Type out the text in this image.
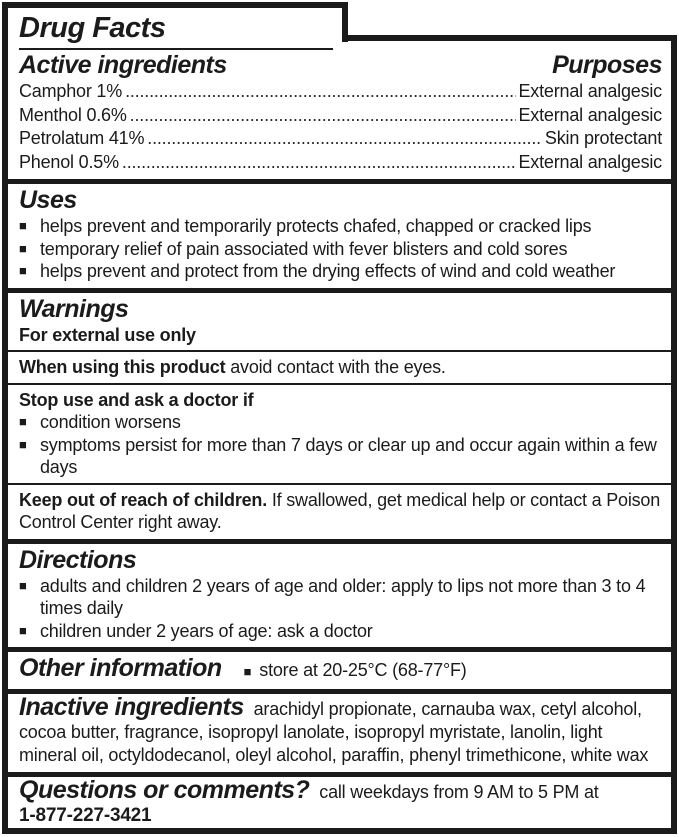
Drug Facts
Active ingredients	Purposes
Camphor 1% .....	External analgesic
Menthol 0.6% .....	External analgesic
Petrolatum 41% .....	Skin protectant
Phenol 0.5% .....	External analgesic
Uses
■ helps prevent and temporarily protects chafed, chapped or cracked lips
■ temporary relief of pain associated with fever blisters and cold sores
■ helps prevent and protect from the drying effects of wind and cold weather
Warnings
For external use only
When using this product avoid contact with the eyes.
Stop use and ask a doctor if
■ condition worsens
■ symptoms persist for more than 7 days or clear up and occur again within a few days
Keep out of reach of children. If swallowed, get medical help or contact a Poison Control Center right away.
Directions
■ adults and children 2 years of age and older: apply to lips not more than 3 to 4 times daily
■ children under 2 years of age: ask a doctor
Other information ■ store at 20-25°C (68-77°F)
Inactive ingredients arachidyl propionate, carnauba wax, cetyl alcohol, cocoa butter, fragrance, isopropyl lanolate, isopropyl myristate, lanolin, light mineral oil, octyldodecanol, oleyl alcohol, paraffin, phenyl trimethicone, white wax
Questions or comments? call weekdays from 9 AM to 5 PM at
1-877-227-3421
